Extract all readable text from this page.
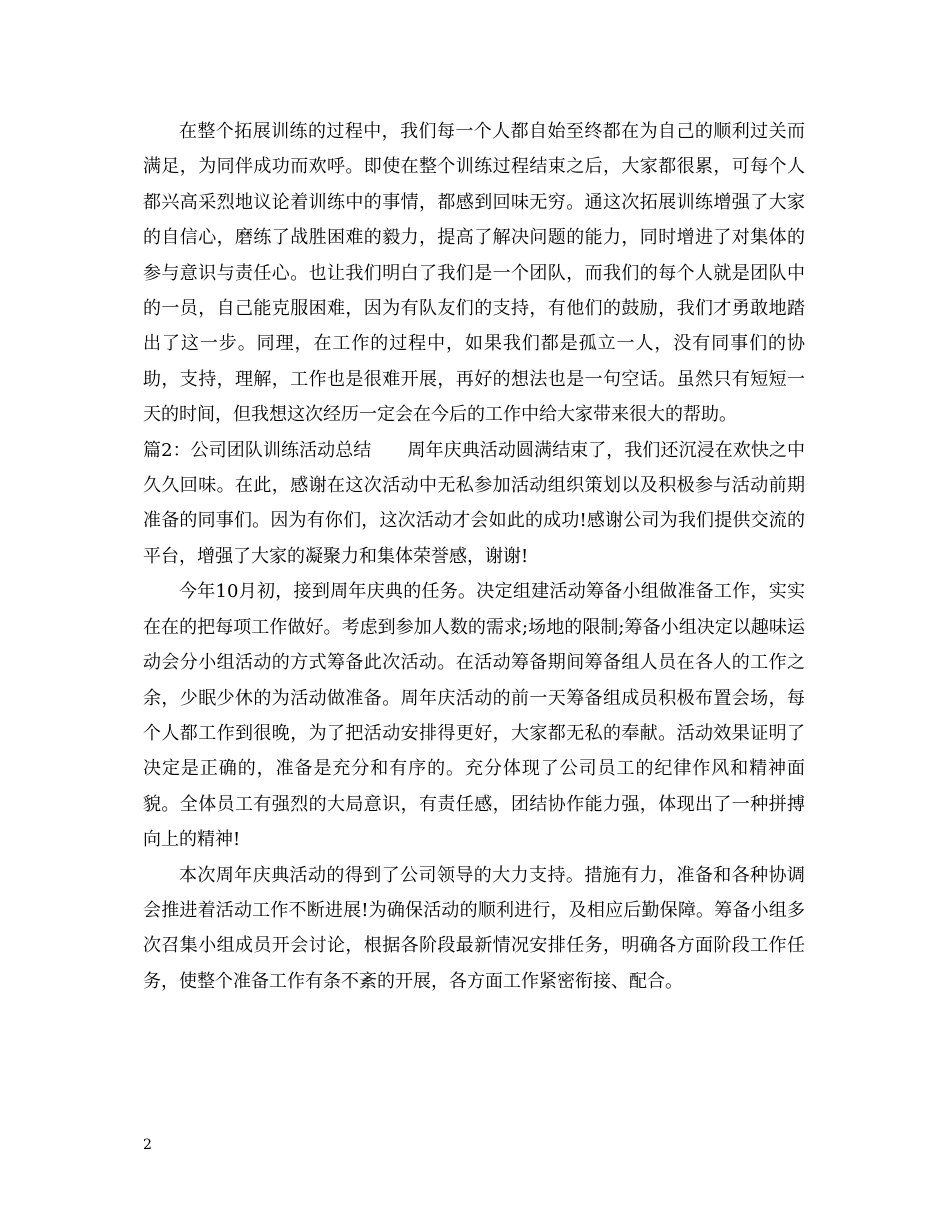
在整个拓展训练的过程中，我们每一个人都自始至终都在为自己的顺利过关而满足，为同伴成功而欢呼。即使在整个训练过程结束之后，大家都很累，可每个人都兴高采烈地议论着训练中的事情，都感到回味无穷。通这次拓展训练增强了大家的自信心，磨练了战胜困难的毅力，提高了解决问题的能力，同时增进了对集体的参与意识与责任心。也让我们明白了我们是一个团队，而我们的每个人就是团队中的一员，自己能克服困难，因为有队友们的支持，有他们的鼓励，我们才勇敢地踏出了这一步。同理，在工作的过程中，如果我们都是孤立一人，没有同事们的协助，支持，理解，工作也是很难开展，再好的想法也是一句空话。虽然只有短短一天的时间，但我想这次经历一定会在今后的工作中给大家带来很大的帮助。

篇2：公司团队训练活动总结　　周年庆典活动圆满结束了，我们还沉浸在欢快之中久久回味。在此，感谢在这次活动中无私参加活动组织策划以及积极参与活动前期准备的同事们。因为有你们，这次活动才会如此的成功!感谢公司为我们提供交流的平台，增强了大家的凝聚力和集体荣誉感，谢谢!

今年10月初，接到周年庆典的任务。决定组建活动筹备小组做准备工作，实实在在的把每项工作做好。考虑到参加人数的需求;场地的限制;筹备小组决定以趣味运动会分小组活动的方式筹备此次活动。在活动筹备期间筹备组人员在各人的工作之余，少眠少休的为活动做准备。周年庆活动的前一天筹备组成员积极布置会场，每个人都工作到很晚，为了把活动安排得更好，大家都无私的奉献。活动效果证明了决定是正确的，准备是充分和有序的。充分体现了公司员工的纪律作风和精神面貌。全体员工有强烈的大局意识，有责任感，团结协作能力强，体现出了一种拼搏向上的精神!

本次周年庆典活动的得到了公司领导的大力支持。措施有力，准备和各种协调会推进着活动工作不断进展!为确保活动的顺利进行，及相应后勤保障。筹备小组多次召集小组成员开会讨论，根据各阶段最新情况安排任务，明确各方面阶段工作任务，使整个准备工作有条不紊的开展，各方面工作紧密衔接、配合。

2
